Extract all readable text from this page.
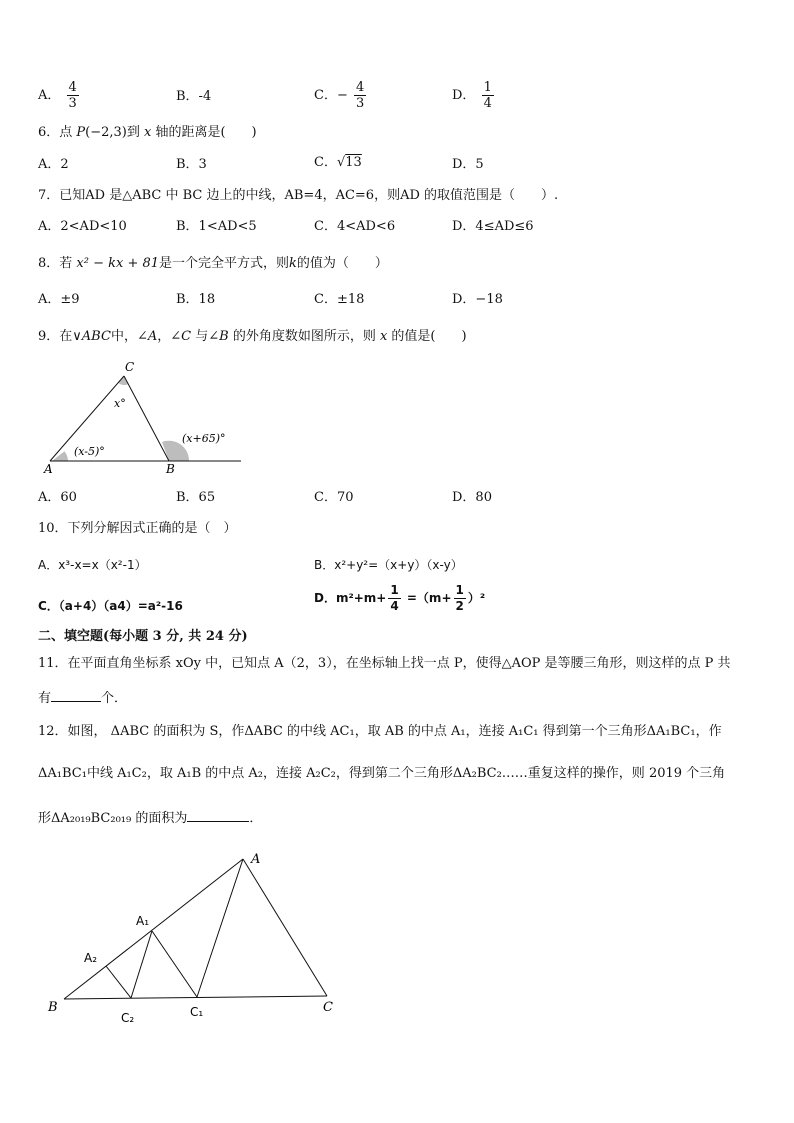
A． $\frac{4}{3}$	B．-4	C．− $\frac{4}{3}$	D． $\frac{1}{4}$
6．点 P(−2,3)到 x 轴的距离是(　　)
A．2	B．3	C．√13	D．5
7．已知AD 是△ABC 中 BC 边上的中线，AB=4，AC=6，则AD 的取值范围是（　　）.
A．2<AD<10	B．1<AD<5	C．4<AD<6	D．4≤AD≤6
8．若 x² − kx + 81是一个完全平方式，则k的值为（　　）
A．±9	B．18	C．±18	D．−18
9．在∨ABC中，∠A，∠C 与∠B 的外角度数如图所示，则 x 的值是(　　)
C
A	B
x°
(x-5)°
(x+65)°
A．60	B．65	C．70	D．80
10．下列分解因式正确的是（　）
A．x³-x=x（x²-1）	B．x²+y²=（x+y）（x-y）
C．（a+4）（a4）=a²-16
D．$m^2+m+ \frac{1}{4} =(m+ \frac{1}{2} )^2$
二、填空题(每小题 3 分, 共 24 分)
11．在平面直角坐标系 xOy 中，已知点 A（2，3），在坐标轴上找一点 P，使得△AOP 是等腰三角形，则这样的点 P 共
有	个．
12．如图， ΔABC 的面积为 S，作ΔABC 的中线 AC₁，取 AB 的中点 A₁，连接 A₁C₁ 得到第一个三角形ΔA₁BC₁，作
ΔA₁BC₁中线 A₁C₂，取 A₁B 的中点 A₂，连接 A₂C₂，得到第二个三角形ΔA₂BC₂……重复这样的操作，则 2019 个三角
形ΔA₂₀₁₉BC₂₀₁₉ 的面积为	．
A
A₁
A₂
B	C
C₁
C₂
